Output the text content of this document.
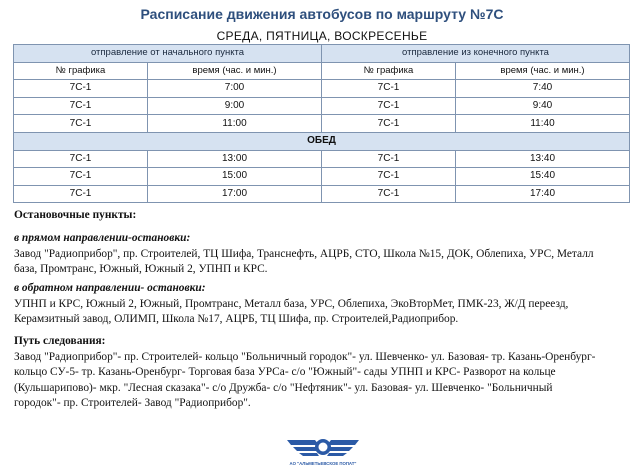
Расписание движения автобусов по маршруту №7С
СРЕДА, ПЯТНИЦА, ВОСКРЕСЕНЬЕ
отправление от начального пункта		отправление из конечного пункта	
№ графика	время (час. и мин.)	№ графика	время (час. и мин.)
7С-1	7:00	7С-1	7:40
7С-1	9:00	7С-1	9:40
7С-1	11:00	7С-1	11:40
ОБЕД			
7С-1	13:00	7С-1	13:40
7С-1	15:00	7С-1	15:40
7С-1	17:00	7С-1	17:40
Остановочные пункты:
в прямом направлении-остановки:
Завод "Радиоприбор", пр. Строителей, ТЦ Шифа, Транснефть, АЦРБ, СТО, Школа №15, ДОК, Облепиха, УРС, Металл
база, Промтранс, Южный, Южный 2, УПНП и КРС.
в обратном направлении- остановки:
УПНП и КРС, Южный 2, Южный, Промтранс, Металл база, УРС, Облепиха, ЭкоВторМет, ПМК-23, Ж/Д переезд,
Керамзитный завод, ОЛИМП, Школа №17, АЦРБ, ТЦ Шифа, пр. Строителей,Радиоприбор.
Путь следования:
Завод "Радиоприбор"- пр. Строителей- кольцо "Больничный городок"- ул. Шевченко- ул. Базовая- тр. Казань-Оренбург-
кольцо СУ-5- тр. Казань-Оренбург- Торговая база УРСа- с/о "Южный"- сады УПНП и КРС- Разворот на кольце
(Кульшарипово)- мкр. "Лесная сказака"- с/о Дружба- с/о "Нефтяник"- ул. Базовая- ул. Шевченко- "Больничный
городок"- пр. Строителей- Завод "Радиоприбор".
АО "АЛЬМЕТЬЕВСКОЕ ПОПАТ"
